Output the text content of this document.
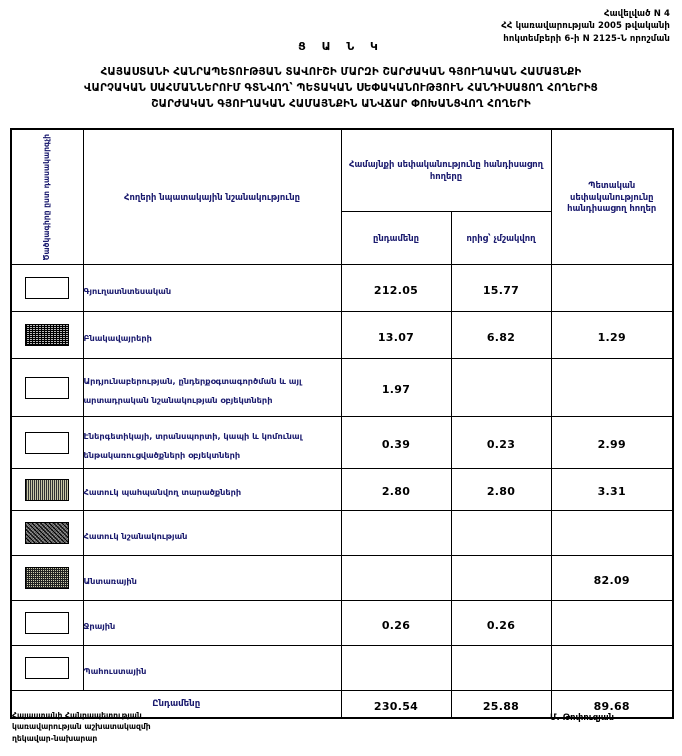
Հավելված N 4
ՀՀ կառավարության 2005 թվականի
հոկտեմբերի 6-ի N 2125-Ն որոշման
Ց Ա Ն Կ
ՀԱՅԱՍՏԱՆԻ ՀԱՆՐԱՊԵՏՈՒԹՅԱՆ ՏԱՎՈՒՇԻ ՄԱՐԶԻ ՇԱՐԺԱԿԱՆ ԳՅՈՒՂԱԿԱՆ ՀԱՄԱՅՆՔԻ
ՎԱՐՉԱԿԱՆ ՍԱՀՄԱՆՆԵՐՈՒՄ ԳՏՆՎՈՂ՝ ՊԵՏԱԿԱՆ ՍԵՓԱԿԱՆՈՒԹՅՈՒՆ ՀԱՆԴԻՍԱՑՈՂ ՀՈՂԵՐԻՑ
ՇԱՐԺԱԿԱՆ ԳՅՈՒՂԱԿԱՆ ՀԱՄԱՅՆՔԻՆ ԱՆՎՃԱՐ ՓՈԽԱՆՑՎՈՂ ՀՈՂԵՐԻ
Ծածկագիրը ըստ դասակարգչի	Հողերի նպատակային նշանակությունը	Համայնքի սեփականությունը հանդիսացող հողերը		Պետական սեփականությունը հանդիսացող հողեր
		ընդամենը	որից՝ չմշակվող	

	Գյուղատնտեսական	212.05	15.77	

	Բնակավայրերի	13.07	6.82	1.29

	Արդյունաբերության, ընդերքօգտագործման և այլ արտադրական նշանակության օբյեկտների	1.97		

	Էներգետիկայի, տրանսպորտի, կապի և կոմունալ ենթակառուցվածքների օբյեկտների	0.39	0.23	2.99

	Հատուկ պահպանվող տարածքների	2.80	2.80	3.31

	Հատուկ նշանակության			

	Անտառային			82.09

	Ջրային	0.26	0.26	

	Պահուստային			
Ընդամենը		230.54	25.88	89.68
Հայաստանի Հանրապետության
կառավարության աշխատակազմի
ղեկավար-նախարար
Մ. Թոփուզյան
